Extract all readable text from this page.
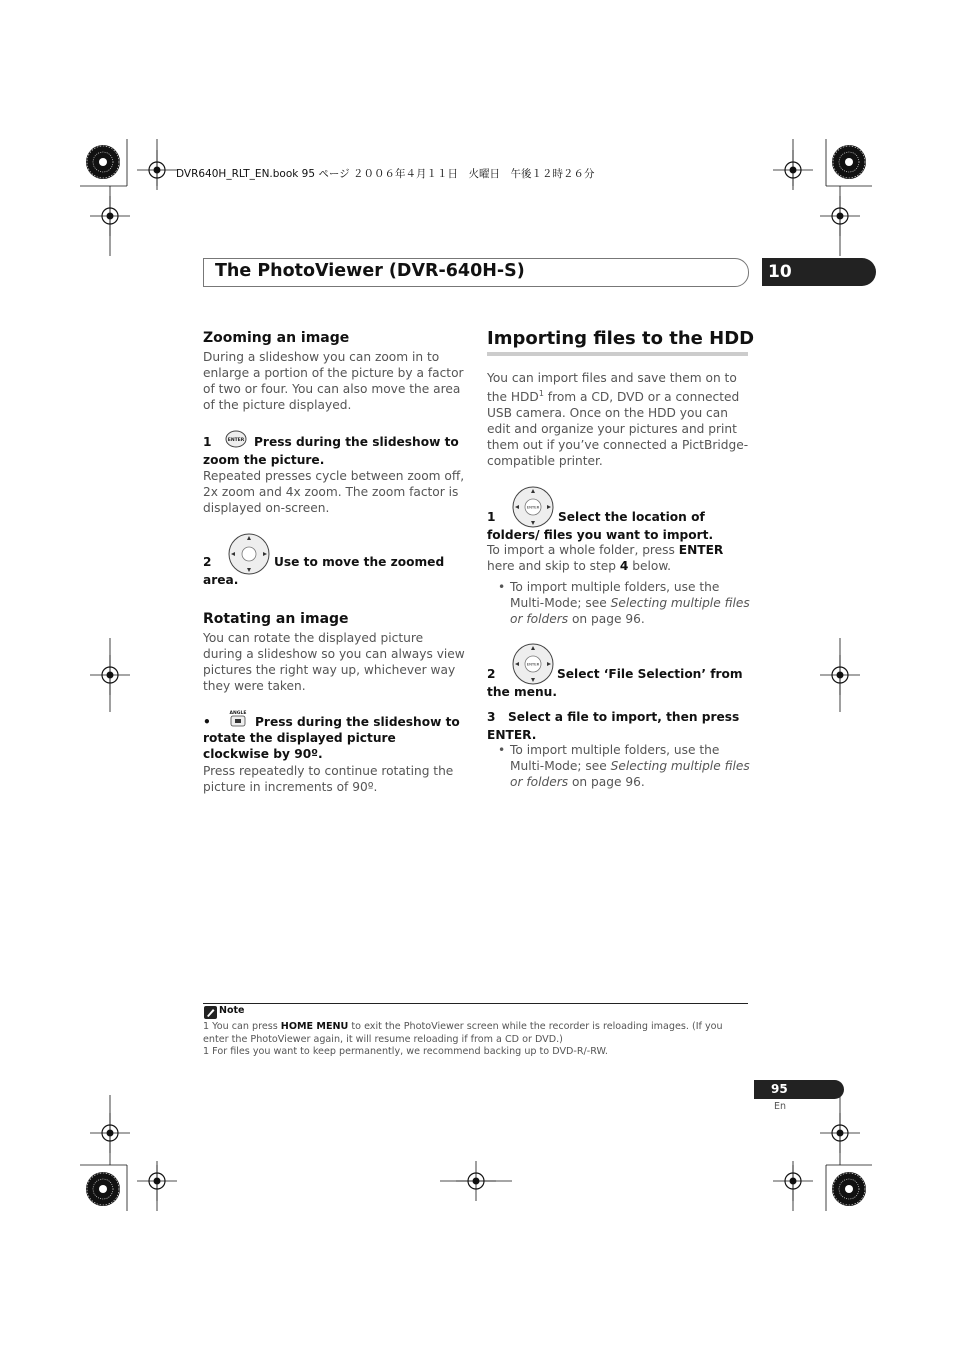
DVR640H_RLT_EN.book 95 ページ ２００６年４月１１日　火曜日　午後１２時２６分
The PhotoViewer (DVR-640H-S)	10
Zooming an image
During a slideshow you can zoom in to enlarge a portion of the picture by a factor of two or four. You can also move the area of the picture displayed.
1	ENTER Press during the slideshow to zoom the picture.
Repeated presses cycle between zoom off, 2x zoom and 4x zoom. The zoom factor is displayed on-screen.
2	Use to move the zoomed area.
Rotating an image
You can rotate the displayed picture during a slideshow so you can always view pictures the right way up, whichever way they were taken.
ANGLE
•	Press during the slideshow to rotate the displayed picture clockwise by 90º.
Press repeatedly to continue rotating the picture in increments of 90º.
Importing files to the HDD
You can import files and save them on to the HDD$^1$ from a CD, DVD or a connected USB camera. Once on the HDD you can edit and organize your pictures and print them out if you’ve connected a PictBridge-compatible printer.
ENTER
1	Select the location of folders/ files you want to import.
To import a whole folder, press ENTER here and skip to step 4 below.
• To import multiple folders, use the Multi-Mode; see Selecting multiple files or folders on page 96.
ENTER
2	Select ‘File Selection’ from the menu.
3 Select a file to import, then press ENTER.
• To import multiple folders, use the Multi-Mode; see Selecting multiple files or folders on page 96.
Note
1 You can press HOME MENU to exit the PhotoViewer screen while the recorder is reloading images. (If you enter the PhotoViewer again, it will resume reloading if from a CD or DVD.)
1 For files you want to keep permanently, we recommend backing up to DVD-R/-RW.
95
En
